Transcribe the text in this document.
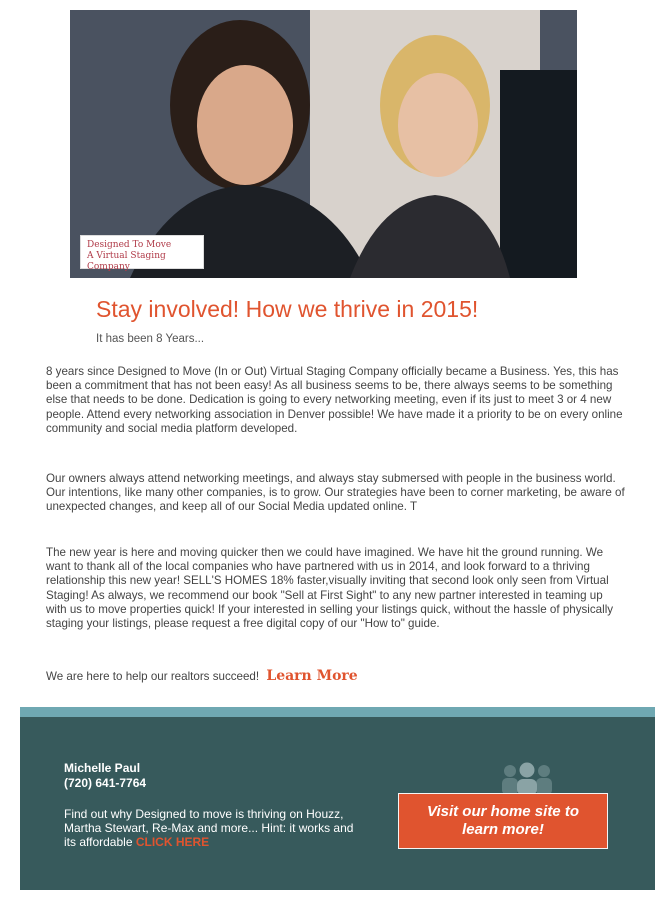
Designed To Move
A Virtual Staging Company
Stay involved! How we thrive in 2015!
It has been 8 Years...

8 years since Designed to Move (In or Out) Virtual Staging Company officially became a Business. Yes, this has been a commitment that has not been easy! As all business seems to be, there always seems to be something else that needs to be done. Dedication is going to every networking meeting, even if its just to meet 3 or 4 new people. Attend every networking association in Denver possible! We have made it a priority to be on every online community and social media platform developed.

Our owners always attend networking meetings, and always stay submersed with people in the business world. Our intentions, like many other companies, is to grow. Our strategies have been to corner marketing, be aware of unexpected changes, and keep all of our Social Media updated online. T

The new year is here and moving quicker then we could have imagined. We have hit the ground running. We want to thank all of the local companies who have partnered with us in 2014, and look forward to a thriving relationship this new year! SELL'S HOMES 18% faster,visually inviting that second look only seen from Virtual Staging! As always, we recommend our book "Sell at First Sight" to any new partner interested in teaming up with us to move properties quick! If your interested in selling your listings quick, without the hassle of physically staging your listings, please request a free digital copy of our "How to" guide.

We are here to help our realtors succeed! Learn More
Michelle Paul
(720) 641-7764

Find out why Designed to move is thriving on Houzz, Martha Stewart, Re-Max and more... Hint: it works and its affordable CLICK HERE

Visit our home site to learn more!
